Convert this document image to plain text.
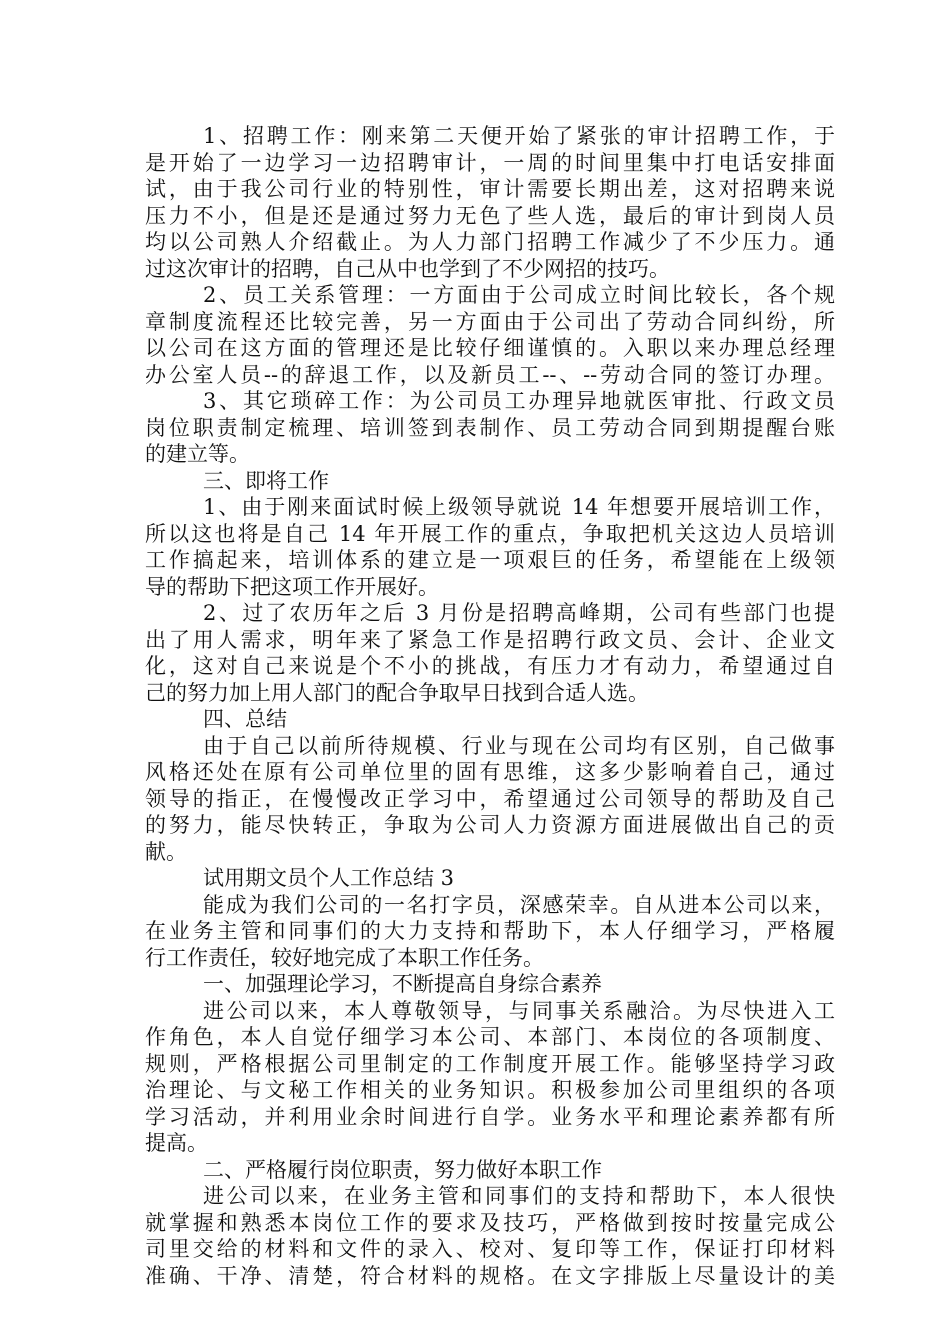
1、招聘工作：刚来第二天便开始了紧张的审计招聘工作，于
是开始了一边学习一边招聘审计，一周的时间里集中打电话安排面
试，由于我公司行业的特别性，审计需要长期出差，这对招聘来说
压力不小，但是还是通过努力无色了些人选，最后的审计到岗人员
均以公司熟人介绍截止。为人力部门招聘工作减少了不少压力。通
过这次审计的招聘，自己从中也学到了不少网招的技巧。
2、员工关系管理：一方面由于公司成立时间比较长，各个规
章制度流程还比较完善，另一方面由于公司出了劳动合同纠纷，所
以公司在这方面的管理还是比较仔细谨慎的。入职以来办理总经理
办公室人员--的辞退工作，以及新员工--、--劳动合同的签订办理。
3、其它琐碎工作：为公司员工办理异地就医审批、行政文员
岗位职责制定梳理、培训签到表制作、员工劳动合同到期提醒台账
的建立等。
三、即将工作
1、由于刚来面试时候上级领导就说 14 年想要开展培训工作，
所以这也将是自己 14 年开展工作的重点，争取把机关这边人员培训
工作搞起来，培训体系的建立是一项艰巨的任务，希望能在上级领
导的帮助下把这项工作开展好。
2、过了农历年之后 3 月份是招聘高峰期，公司有些部门也提
出了用人需求，明年来了紧急工作是招聘行政文员、会计、企业文
化，这对自己来说是个不小的挑战，有压力才有动力，希望通过自
己的努力加上用人部门的配合争取早日找到合适人选。
四、总结
由于自己以前所待规模、行业与现在公司均有区别，自己做事
风格还处在原有公司单位里的固有思维，这多少影响着自己，通过
领导的指正，在慢慢改正学习中，希望通过公司领导的帮助及自己
的努力，能尽快转正，争取为公司人力资源方面进展做出自己的贡
献。
试用期文员个人工作总结 3
能成为我们公司的一名打字员，深感荣幸。自从进本公司以来，
在业务主管和同事们的大力支持和帮助下，本人仔细学习，严格履
行工作责任，较好地完成了本职工作任务。
一、加强理论学习，不断提高自身综合素养
进公司以来，本人尊敬领导，与同事关系融洽。为尽快进入工
作角色，本人自觉仔细学习本公司、本部门、本岗位的各项制度、
规则，严格根据公司里制定的工作制度开展工作。能够坚持学习政
治理论、与文秘工作相关的业务知识。积极参加公司里组织的各项
学习活动，并利用业余时间进行自学。业务水平和理论素养都有所
提高。
二、严格履行岗位职责，努力做好本职工作
进公司以来，在业务主管和同事们的支持和帮助下，本人很快
就掌握和熟悉本岗位工作的要求及技巧，严格做到按时按量完成公
司里交给的材料和文件的录入、校对、复印等工作，保证打印材料
准确、干净、清楚，符合材料的规格。在文字排版上尽量设计的美
